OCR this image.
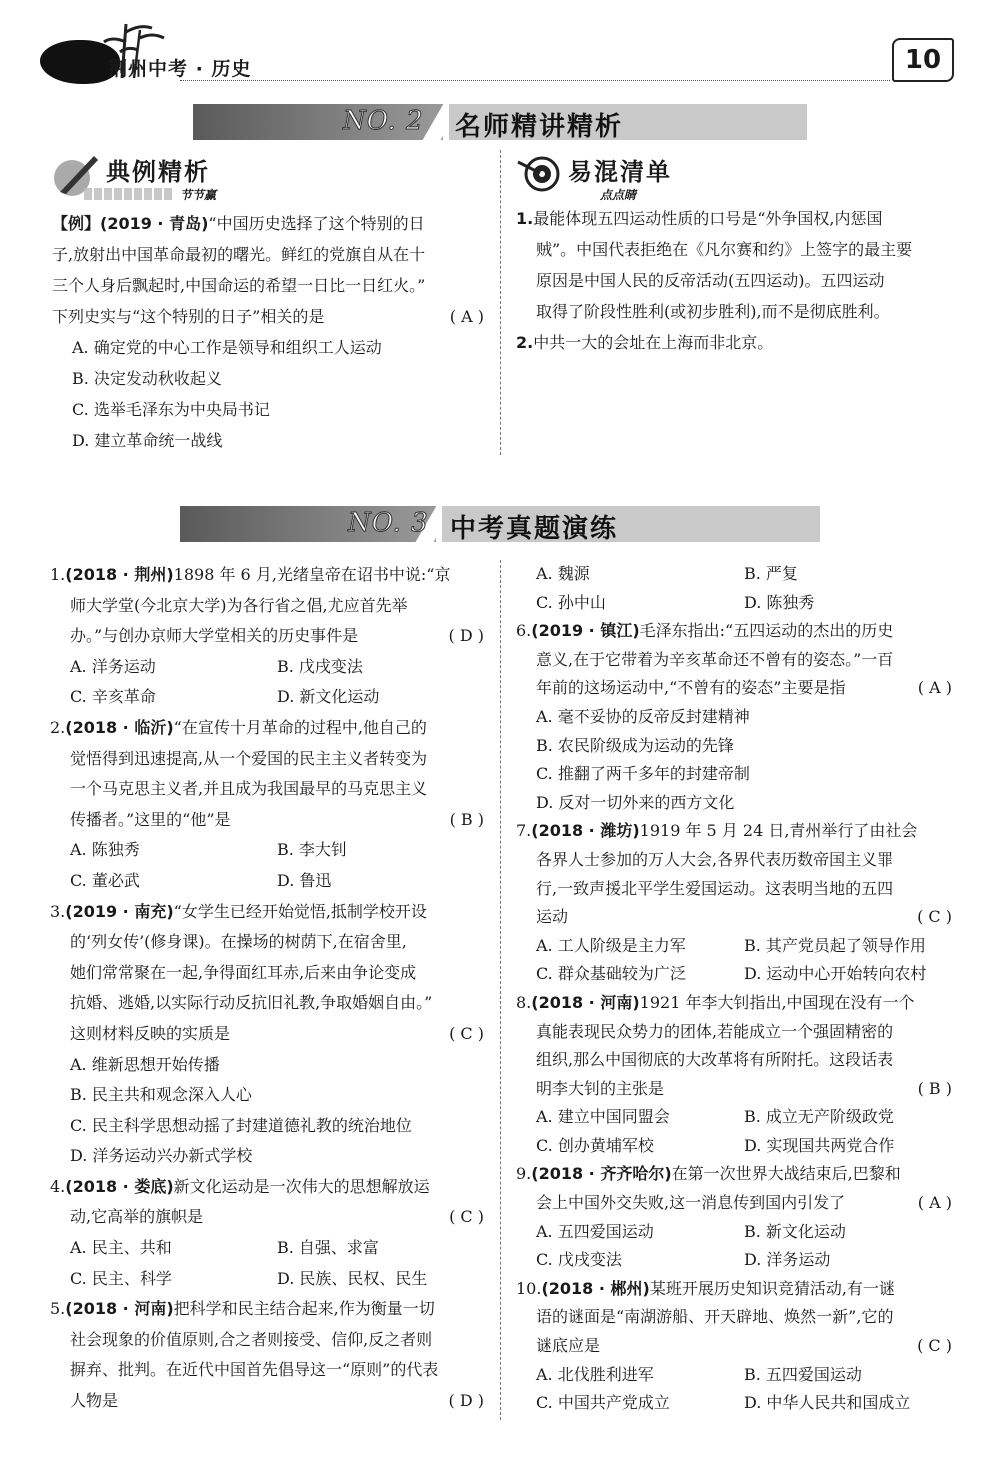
荆州中考 · 历史	10
NO. 2 名师精讲精析
典例精析
节节赢
易混清单
点点睛

【例】(2019 · 青岛)“中国历史选择了这个特别的日

子,放射出中国革命最初的曙光。鲜红的党旗自从在十

三个人身后飘起时,中国命运的希望一日比一日红火。”

下列史实与“这个特别的日子”相关的是	( A )

A. 确定党的中心工作是领导和组织工人运动

B. 决定发动秋收起义

C. 选举毛泽东为中央局书记

D. 建立革命统一战线

1.最能体现五四运动性质的口号是“外争国权,内惩国

贼”。中国代表拒绝在《凡尔赛和约》上签字的最主要

原因是中国人民的反帝活动(五四运动)。五四运动

取得了阶段性胜利(或初步胜利),而不是彻底胜利。

2.中共一大的会址在上海而非北京。

NO. 3 中考真题演练

1.(2018 · 荆州)1898 年 6 月,光绪皇帝在诏书中说:“京

师大学堂(今北京大学)为各行省之倡,尤应首先举

办。”与创办京师大学堂相关的历史事件是	( D )

A. 洋务运动	B. 戊戌变法

C. 辛亥革命	D. 新文化运动

2.(2018 · 临沂)“在宣传十月革命的过程中,他自己的

觉悟得到迅速提高,从一个爱国的民主主义者转变为

一个马克思主义者,并且成为我国最早的马克思主义

传播者。”这里的“他”是	( B )

A. 陈独秀	B. 李大钊

C. 董必武	D. 鲁迅

3.(2019 · 南充)“女学生已经开始觉悟,抵制学校开设

的‘列女传’(修身课)。在操场的树荫下,在宿舍里,

她们常常聚在一起,争得面红耳赤,后来由争论变成

抗婚、逃婚,以实际行动反抗旧礼教,争取婚姻自由。”

这则材料反映的实质是	( C )

A. 维新思想开始传播

B. 民主共和观念深入人心

C. 民主科学思想动摇了封建道德礼教的统治地位

D. 洋务运动兴办新式学校

4.(2018 · 娄底)新文化运动是一次伟大的思想解放运

动,它高举的旗帜是	( C )

A. 民主、共和	B. 自强、求富

C. 民主、科学	D. 民族、民权、民生

5.(2018 · 河南)把科学和民主结合起来,作为衡量一切

社会现象的价值原则,合之者则接受、信仰,反之者则

摒弃、批判。在近代中国首先倡导这一“原则”的代表

人物是	( D )

A. 魏源	B. 严复

C. 孙中山	D. 陈独秀

6.(2019 · 镇江)毛泽东指出:“五四运动的杰出的历史

意义,在于它带着为辛亥革命还不曾有的姿态。”一百

年前的这场运动中,“不曾有的姿态”主要是指	( A )

A. 毫不妥协的反帝反封建精神

B. 农民阶级成为运动的先锋

C. 推翻了两千多年的封建帝制

D. 反对一切外来的西方文化

7.(2018 · 潍坊)1919 年 5 月 24 日,青州举行了由社会

各界人士参加的万人大会,各界代表历数帝国主义罪

行,一致声援北平学生爱国运动。这表明当地的五四

运动	( C )

A. 工人阶级是主力军	B. 其产党员起了领导作用

C. 群众基础较为广泛	D. 运动中心开始转向农村

8.(2018 · 河南)1921 年李大钊指出,中国现在没有一个

真能表现民众势力的团体,若能成立一个强固精密的

组织,那么中国彻底的大改革将有所附托。这段话表

明李大钊的主张是	( B )

A. 建立中国同盟会	B. 成立无产阶级政党

C. 创办黄埔军校	D. 实现国共两党合作

9.(2018 · 齐齐哈尔)在第一次世界大战结束后,巴黎和

会上中国外交失败,这一消息传到国内引发了	( A )

A. 五四爱国运动	B. 新文化运动

C. 戊戌变法	D. 洋务运动

10.(2018 · 郴州)某班开展历史知识竞猜活动,有一谜

语的谜面是“南湖游船、开天辟地、焕然一新”,它的

谜底应是	( C )

A. 北伐胜利进军	B. 五四爱国运动

C. 中国共产党成立	D. 中华人民共和国成立
